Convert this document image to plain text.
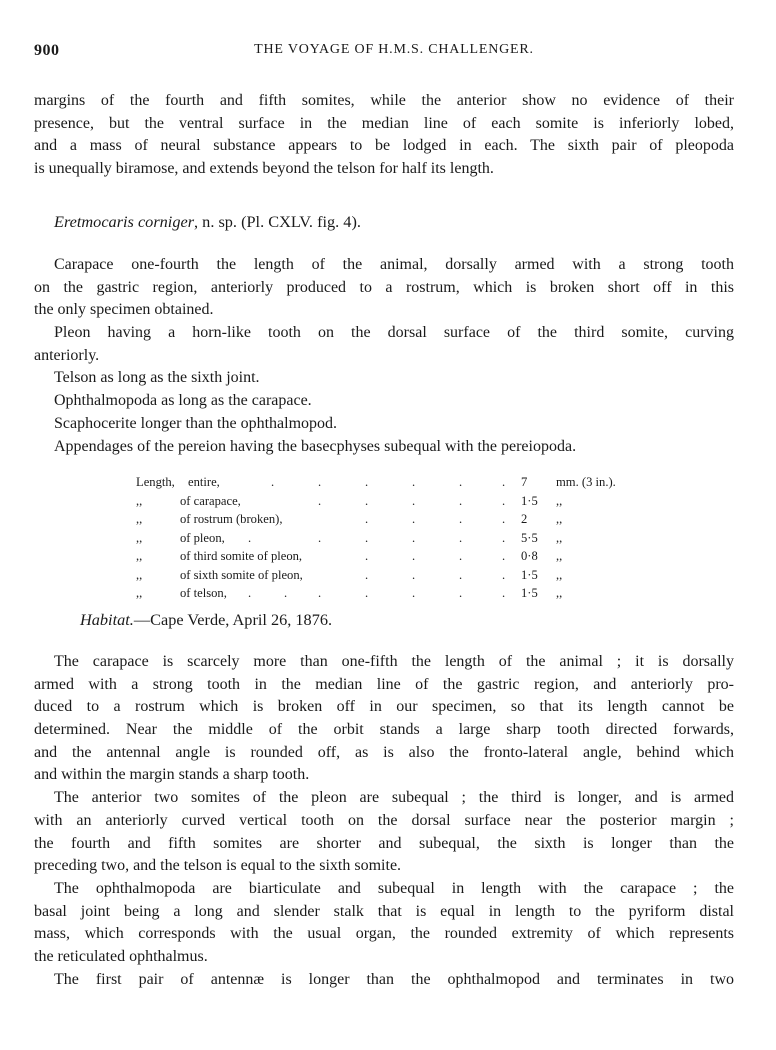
900	THE VOYAGE OF H.M.S. CHALLENGER.
margins of the fourth and fifth somites, while the anterior show no evidence of their
presence, but the ventral surface in the median line of each somite is inferiorly lobed,
and a mass of neural substance appears to be lodged in each. The sixth pair of pleopoda
is unequally biramose, and extends beyond the telson for half its length.
Eretmocaris corniger, n. sp. (Pl. CXLV. fig. 4).
Carapace one-fourth the length of the animal, dorsally armed with a strong tooth
on the gastric region, anteriorly produced to a rostrum, which is broken short off in this
the only specimen obtained.
Pleon having a horn-like tooth on the dorsal surface of the third somite, curving
anteriorly.
Telson as long as the sixth joint.
Ophthalmopoda as long as the carapace.
Scaphocerite longer than the ophthalmopod.
Appendages of the pereion having the basecphyses subequal with the pereiopoda.
Length, entire, . . . . . .	7 mm. (3 in.).
,,	of carapace, . . . . .	1·5 ,,
,,	of rostrum (broken), . . . .	2 ,,
,,	of pleon, . . . . . .	5·5 ,,
,,	of third somite of pleon, . . . .	0·8 ,,
,,	of sixth somite of pleon, . . . .	1·5 ,,
,,	of telson, . . . . . . .	1·5 ,,
Habitat.—Cape Verde, April 26, 1876.
The carapace is scarcely more than one-fifth the length of the animal ; it is dorsally
armed with a strong tooth in the median line of the gastric region, and anteriorly pro-
duced to a rostrum which is broken off in our specimen, so that its length cannot be
determined. Near the middle of the orbit stands a large sharp tooth directed forwards,
and the antennal angle is rounded off, as is also the fronto-lateral angle, behind which
and within the margin stands a sharp tooth.
The anterior two somites of the pleon are subequal ; the third is longer, and is armed
with an anteriorly curved vertical tooth on the dorsal surface near the posterior margin ;
the fourth and fifth somites are shorter and subequal, the sixth is longer than the
preceding two, and the telson is equal to the sixth somite.
The ophthalmopoda are biarticulate and subequal in length with the carapace ; the
basal joint being a long and slender stalk that is equal in length to the pyriform distal
mass, which corresponds with the usual organ, the rounded extremity of which represents
the reticulated ophthalmus.
The first pair of antennæ is longer than the ophthalmopod and terminates in two
